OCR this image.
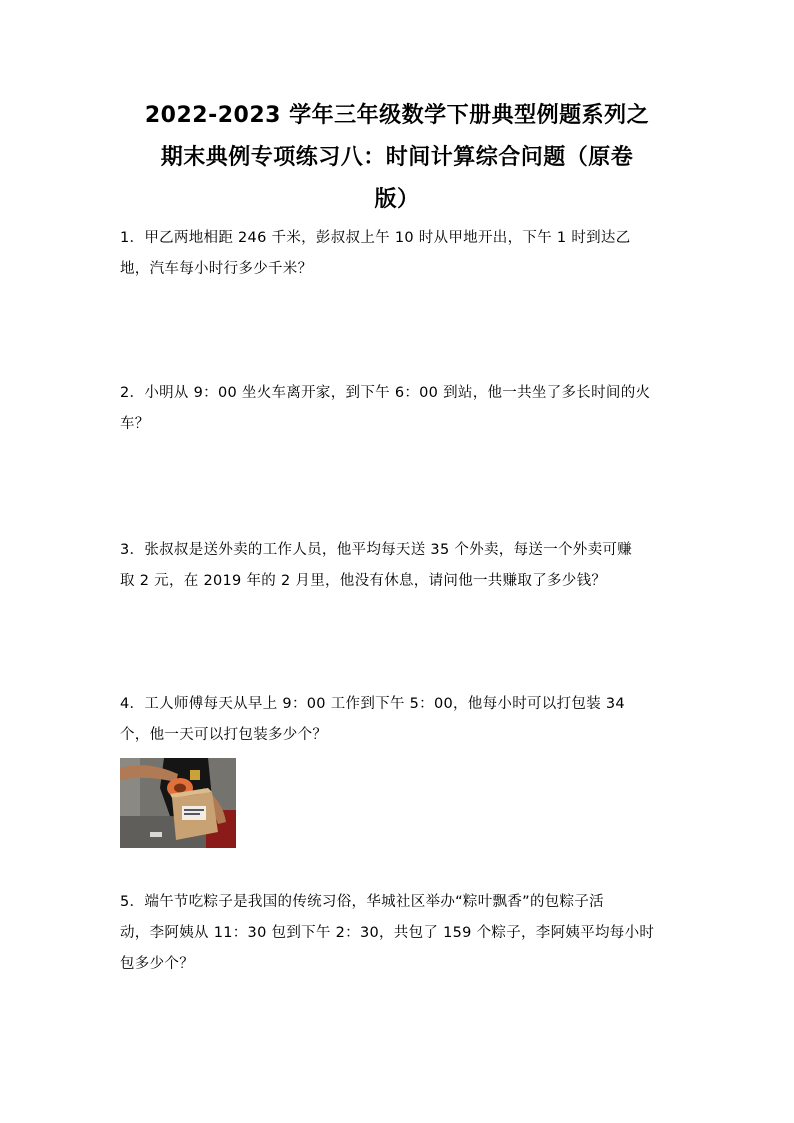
2022-2023 学年三年级数学下册典型例题系列之
期末典例专项练习八：时间计算综合问题（原卷
版）
1．甲乙两地相距 246 千米，彭叔叔上午 10 时从甲地开出，下午 1 时到达乙
地，汽车每小时行多少千米？
2．小明从 9：00 坐火车离开家，到下午 6：00 到站，他一共坐了多长时间的火
车？
3．张叔叔是送外卖的工作人员，他平均每天送 35 个外卖，每送一个外卖可赚
取 2 元，在 2019 年的 2 月里，他没有休息，请问他一共赚取了多少钱？
4．工人师傅每天从早上 9：00 工作到下午 5：00，他每小时可以打包装 34
个，他一天可以打包装多少个？
5．端午节吃粽子是我国的传统习俗，华城社区举办“粽叶飘香”的包粽子活
动，李阿姨从 11：30 包到下午 2：30，共包了 159 个粽子，李阿姨平均每小时
包多少个？
